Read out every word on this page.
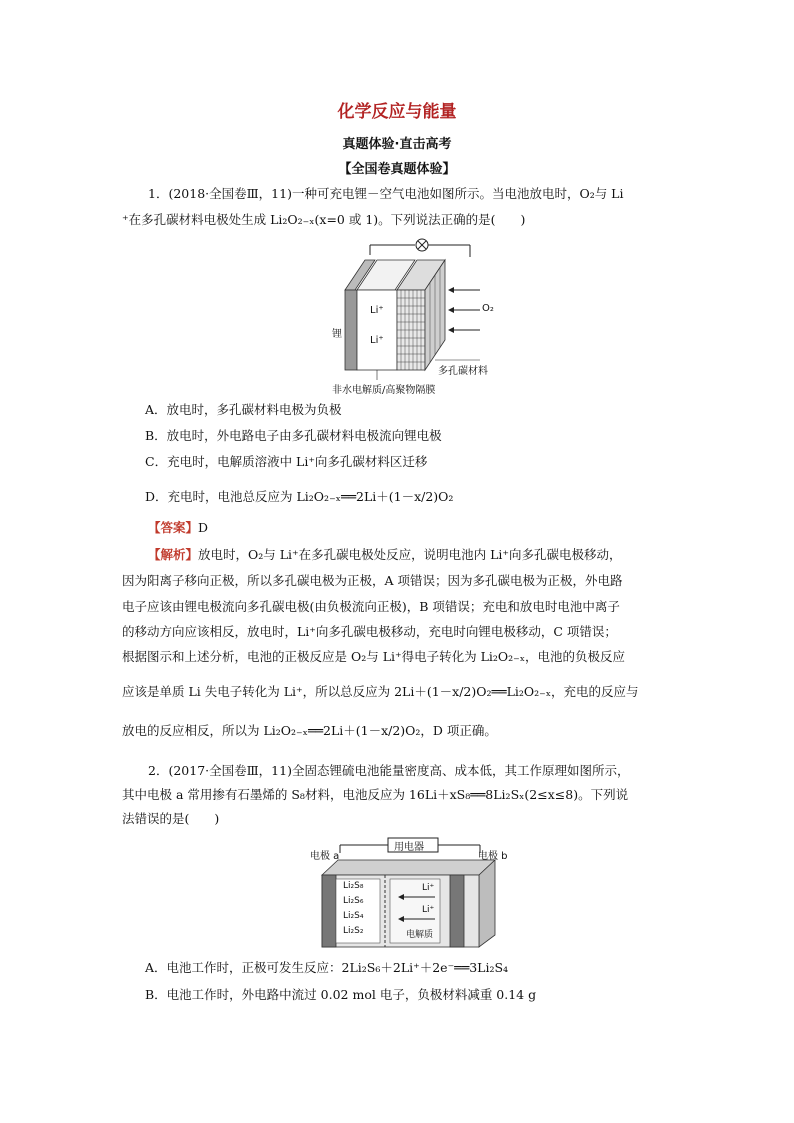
化学反应与能量
真题体验·直击高考
【全国卷真题体验】
1．(2018·全国卷Ⅲ，11)一种可充电锂－空气电池如图所示。当电池放电时，O₂与 Li
⁺在多孔碳材料电极处生成 Li₂O₂₋ₓ(x=0 或 1)。下列说法正确的是(　　)
锂
Li⁺
Li⁺
O₂
多孔碳材料
非水电解质/高聚物隔膜
A．放电时，多孔碳材料电极为负极
B．放电时，外电路电子由多孔碳材料电极流向锂电极
C．充电时，电解质溶液中 Li⁺向多孔碳材料区迁移
D．充电时，电池总反应为 Li₂O₂₋ₓ══2Li＋(1－x/2)O₂
【答案】D
【解析】放电时，O₂与 Li⁺在多孔碳电极处反应，说明电池内 Li⁺向多孔碳电极移动，
因为阳离子移向正极，所以多孔碳电极为正极，A 项错误；因为多孔碳电极为正极，外电路
电子应该由锂电极流向多孔碳电极(由负极流向正极)，B 项错误；充电和放电时电池中离子
的移动方向应该相反，放电时，Li⁺向多孔碳电极移动，充电时向锂电极移动，C 项错误；
根据图示和上述分析，电池的正极反应是 O₂与 Li⁺得电子转化为 Li₂O₂₋ₓ，电池的负极反应
应该是单质 Li 失电子转化为 Li⁺，所以总反应为 2Li＋(1－x/2)O₂══Li₂O₂₋ₓ，充电的反应与
放电的反应相反，所以为 Li₂O₂₋ₓ══2Li＋(1－x/2)O₂，D 项正确。
2．(2017·全国卷Ⅲ，11)全固态锂硫电池能量密度高、成本低，其工作原理如图所示，
其中电极 a 常用掺有石墨烯的 S₈材料，电池反应为 16Li＋xS₈══8Li₂Sₓ(2≤x≤8)。下列说
法错误的是(　　)
用电器
电极 a	电极 b
Li₂S₈
Li₂S₆
Li₂S₄
Li₂S₂
Li⁺
Li⁺
电解质
A．电池工作时，正极可发生反应：2Li₂S₆＋2Li⁺＋2e⁻══3Li₂S₄
B．电池工作时，外电路中流过 0.02 mol 电子，负极材料减重 0.14 g
